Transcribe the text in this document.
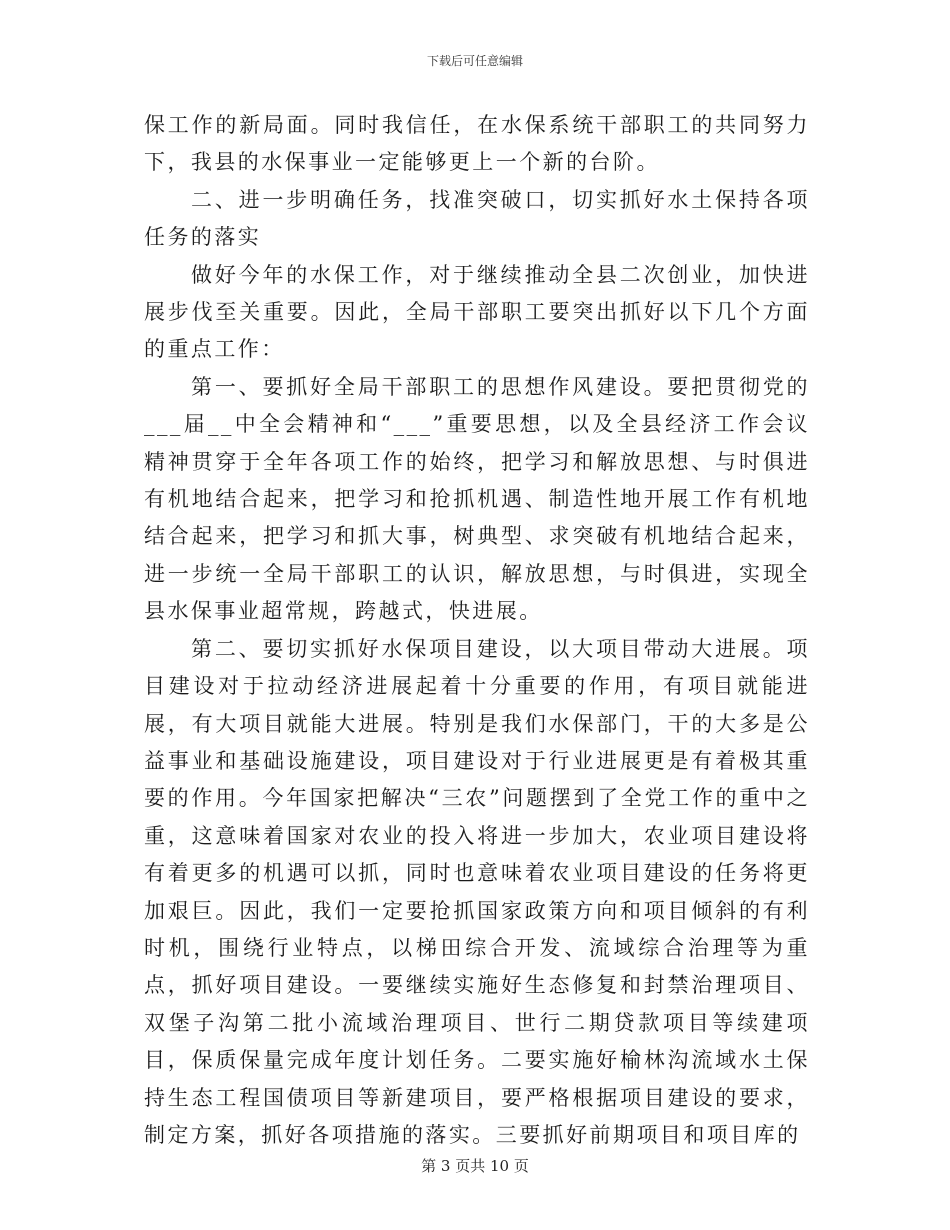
下载后可任意编辑

保工作的新局面。同时我信任，在水保系统干部职工的共同努力下，我县的水保事业一定能够更上一个新的台阶。

二、进一步明确任务，找准突破口，切实抓好水土保持各项任务的落实

做好今年的水保工作，对于继续推动全县二次创业，加快进展步伐至关重要。因此，全局干部职工要突出抓好以下几个方面的重点工作：

第一、要抓好全局干部职工的思想作风建设。要把贯彻党的___届__中全会精神和“___”重要思想，以及全县经济工作会议精神贯穿于全年各项工作的始终，把学习和解放思想、与时俱进有机地结合起来，把学习和抢抓机遇、制造性地开展工作有机地结合起来，把学习和抓大事，树典型、求突破有机地结合起来，进一步统一全局干部职工的认识，解放思想，与时俱进，实现全县水保事业超常规，跨越式，快进展。

第二、要切实抓好水保项目建设，以大项目带动大进展。项目建设对于拉动经济进展起着十分重要的作用，有项目就能进展，有大项目就能大进展。特别是我们水保部门，干的大多是公益事业和基础设施建设，项目建设对于行业进展更是有着极其重要的作用。今年国家把解决“三农”问题摆到了全党工作的重中之重，这意味着国家对农业的投入将进一步加大，农业项目建设将有着更多的机遇可以抓，同时也意味着农业项目建设的任务将更加艰巨。因此，我们一定要抢抓国家政策方向和项目倾斜的有利时机，围绕行业特点，以梯田综合开发、流域综合治理等为重点，抓好项目建设。一要继续实施好生态修复和封禁治理项目、双堡子沟第二批小流域治理项目、世行二期贷款项目等续建项目，保质保量完成年度计划任务。二要实施好榆林沟流域水土保持生态工程国债项目等新建项目，要严格根据项目建设的要求，制定方案，抓好各项措施的落实。三要抓好前期项目和项目库的

第 3 页共 10 页
